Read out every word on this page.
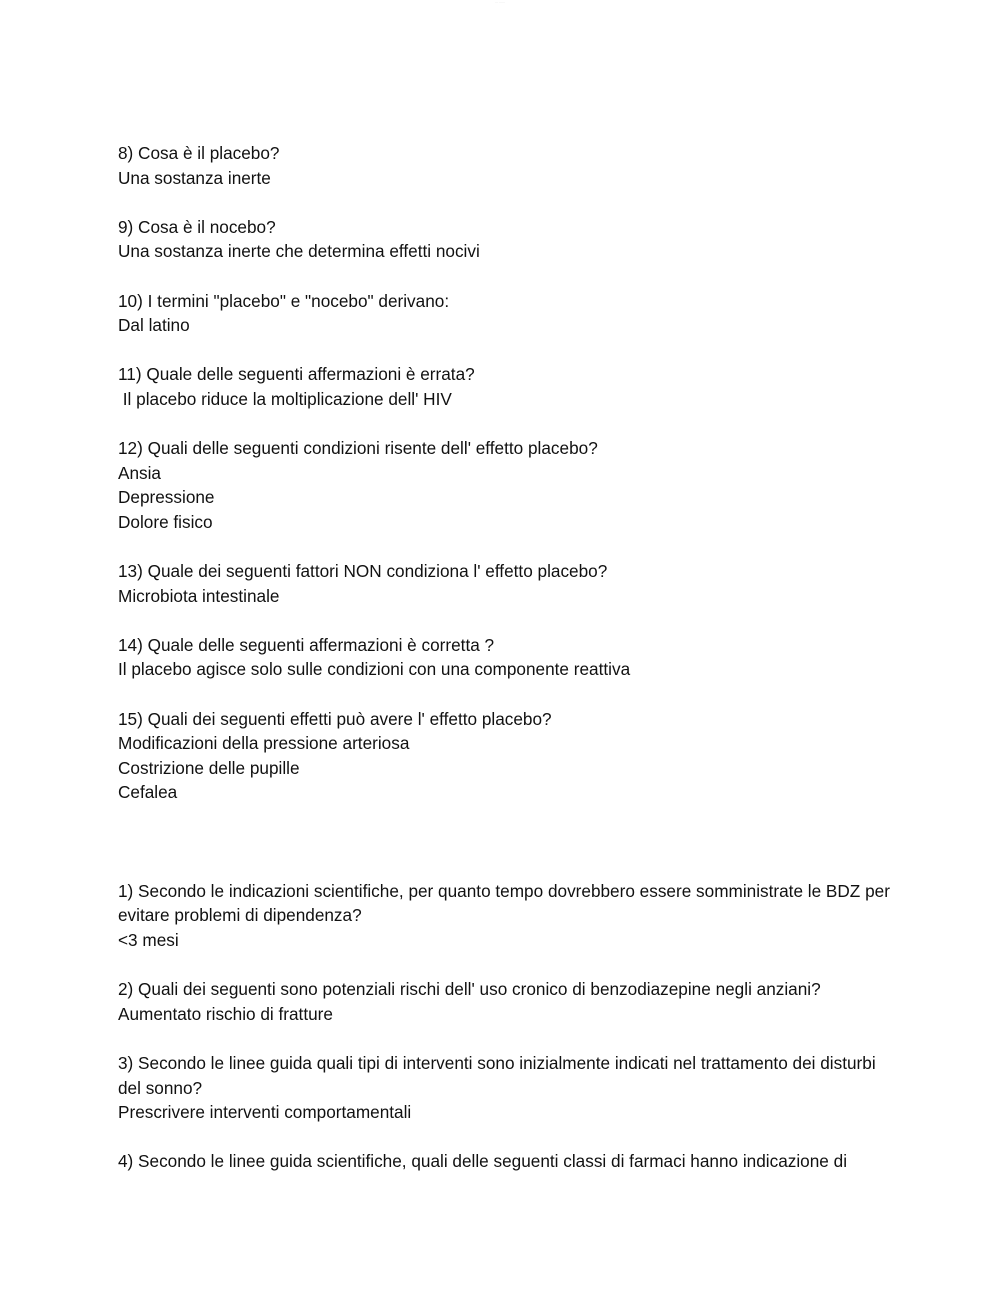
··· ······

8) Cosa è il placebo?

Una sostanza inerte

9) Cosa è il nocebo?

Una sostanza inerte che determina effetti nocivi

10) I termini "placebo" e "nocebo" derivano:

Dal latino

11) Quale delle seguenti affermazioni è errata?

Il placebo riduce la moltiplicazione dell' HIV

12) Quali delle seguenti condizioni risente dell' effetto placebo?

Ansia

Depressione

Dolore fisico

13) Quale dei seguenti fattori NON condiziona l' effetto placebo?

Microbiota intestinale

14) Quale delle seguenti affermazioni è corretta ?

Il placebo agisce solo sulle condizioni con una componente reattiva

15) Quali dei seguenti effetti può avere l' effetto placebo?

Modificazioni della pressione arteriosa

Costrizione delle pupille

Cefalea

1) Secondo le indicazioni scientifiche, per quanto tempo dovrebbero essere somministrate le BDZ per evitare problemi di dipendenza?

<3 mesi

2) Quali dei seguenti sono potenziali rischi dell' uso cronico di benzodiazepine negli anziani?

Aumentato rischio di fratture

3) Secondo le linee guida quali tipi di interventi sono inizialmente indicati nel trattamento dei disturbi del sonno?

Prescrivere interventi comportamentali

4) Secondo le linee guida scientifiche, quali delle seguenti classi di farmaci hanno indicazione di
